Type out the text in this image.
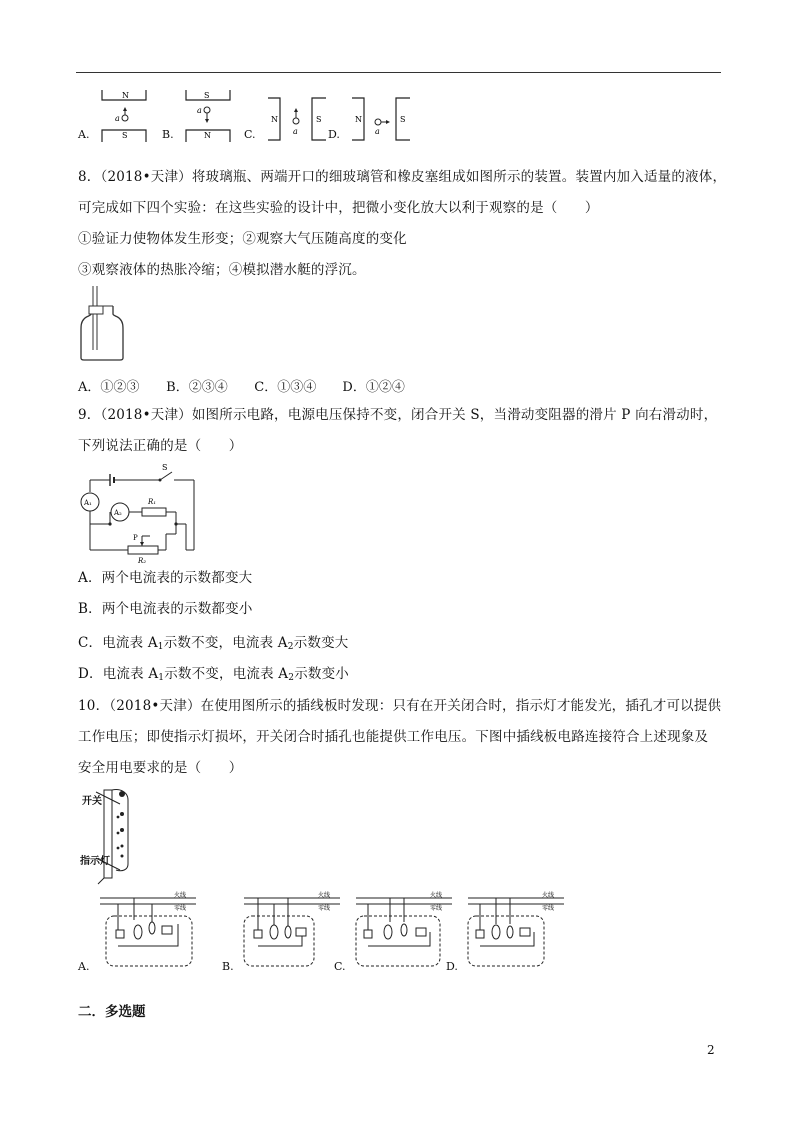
N
S
a
A.
S
N
a
B.
N	S
a
C.
N	S
a
D.
8．（2018•天津）将玻璃瓶、两端开口的细玻璃管和橡皮塞组成如图所示的装置。装置内加入适量的液体，
可完成如下四个实验：在这些实验的设计中，把微小变化放大以利于观察的是（　　）
①验证力使物体发生形变；②观察大气压随高度的变化
③观察液体的热胀冷缩；④模拟潜水艇的浮沉。
A．①②③ B．②③④ C．①③④ D．①②④
9．（2018•天津）如图所示电路，电源电压保持不变，闭合开关 S，当滑动变阻器的滑片 P 向右滑动时，
下列说法正确的是（　　）
S
A₁
A₂
R₁
P
R₂
A．两个电流表的示数都变大
B．两个电流表的示数都变小
C．电流表 $A_1$示数不变，电流表 $A_2$示数变大
D．电流表 $A_1$示数不变，电流表 $A_2$示数变小
10．（2018•天津）在使用图所示的插线板时发现：只有在开关闭合时，指示灯才能发光，插孔才可以提供
工作电压；即使指示灯损坏，开关闭合时插孔也能提供工作电压。下图中插线板电路连接符合上述现象及
安全用电要求的是（　　）
开关
指示灯
火线
零线
A.
火线
零线
B.
火线
零线
C.
火线
零线
D.
二．多选题
2
